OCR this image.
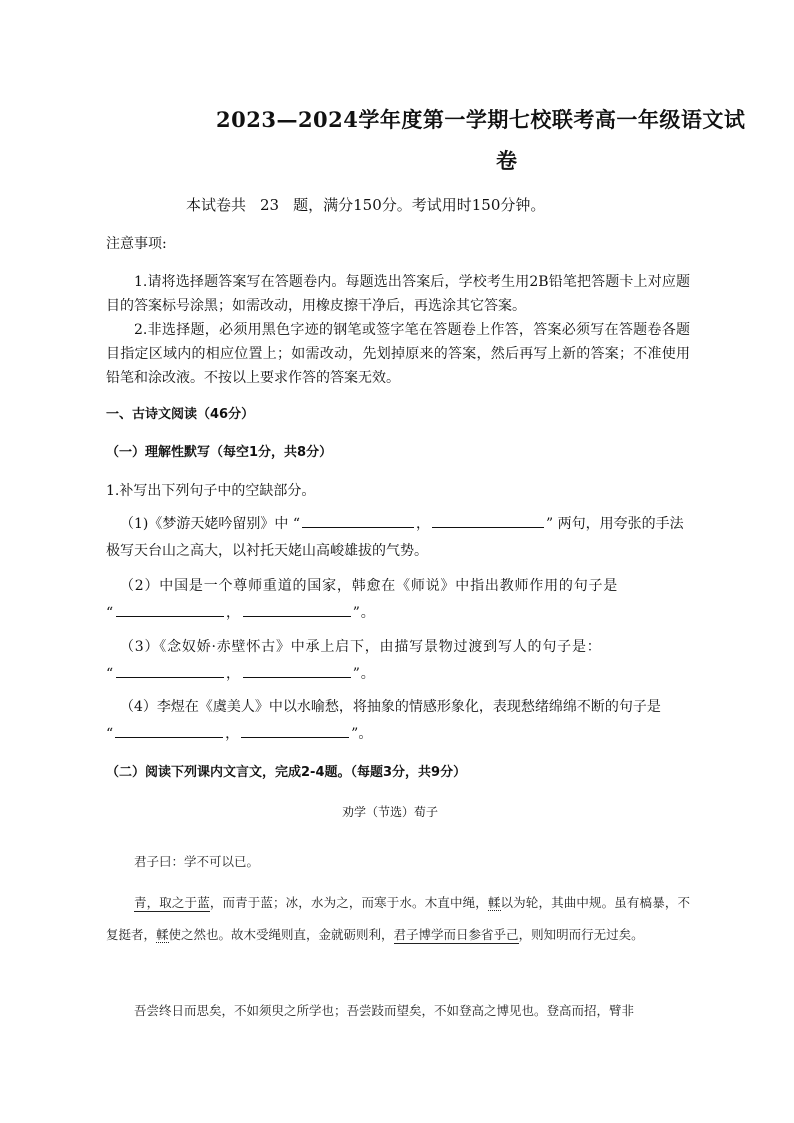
2023—2024学年度第一学期七校联考高一年级语文试
卷
本试卷共 23 题，满分150分。考试用时150分钟。
注意事项:
1.请将选择题答案写在答题卷内。每题选出答案后，学校考生用2B铅笔把答题卡上对应题目的答案标号涂黑；如需改动，用橡皮擦干净后，再选涂其它答案。
2.非选择题，必须用黑色字迹的钢笔或签字笔在答题卷上作答，答案必须写在答题卷各题目指定区域内的相应位置上；如需改动，先划掉原来的答案，然后再写上新的答案；不准使用铅笔和涂改液。不按以上要求作答的答案无效。
一、古诗文阅读（46分）
（一）理解性默写（每空1分，共8分）
1.补写出下列句子中的空缺部分。
（1)《梦游天姥吟留别》中 “	，	” 两句，用夸张的手法极写天台山之高大，以衬托天姥山高峻雄拔的气势。
（2）中国是一个尊师重道的国家，韩愈在《师说》中指出教师作用的句子是
“	，	”。
（3）《念奴娇·赤壁怀古》中承上启下，由描写景物过渡到写人的句子是：
“	，	”。
（4）李煜在《虞美人》中以水喻愁，将抽象的情感形象化，表现愁绪绵绵不断的句子是
“	，	”。
（二）阅读下列课内文言文，完成2-4题。（每题3分，共9分）
劝学（节选）荀子
君子曰：学不可以已。
青，取之于蓝，而青于蓝；冰，水为之，而寒于水。木直中绳，輮以为轮，其曲中规。虽有槁暴，不复挺者，輮使之然也。故木受绳则直，金就砺则利，君子博学而日参省乎己，则知明而行无过矣。
吾尝终日而思矣，不如须臾之所学也；吾尝跂而望矣，不如登高之博见也。登高而招，臂非
